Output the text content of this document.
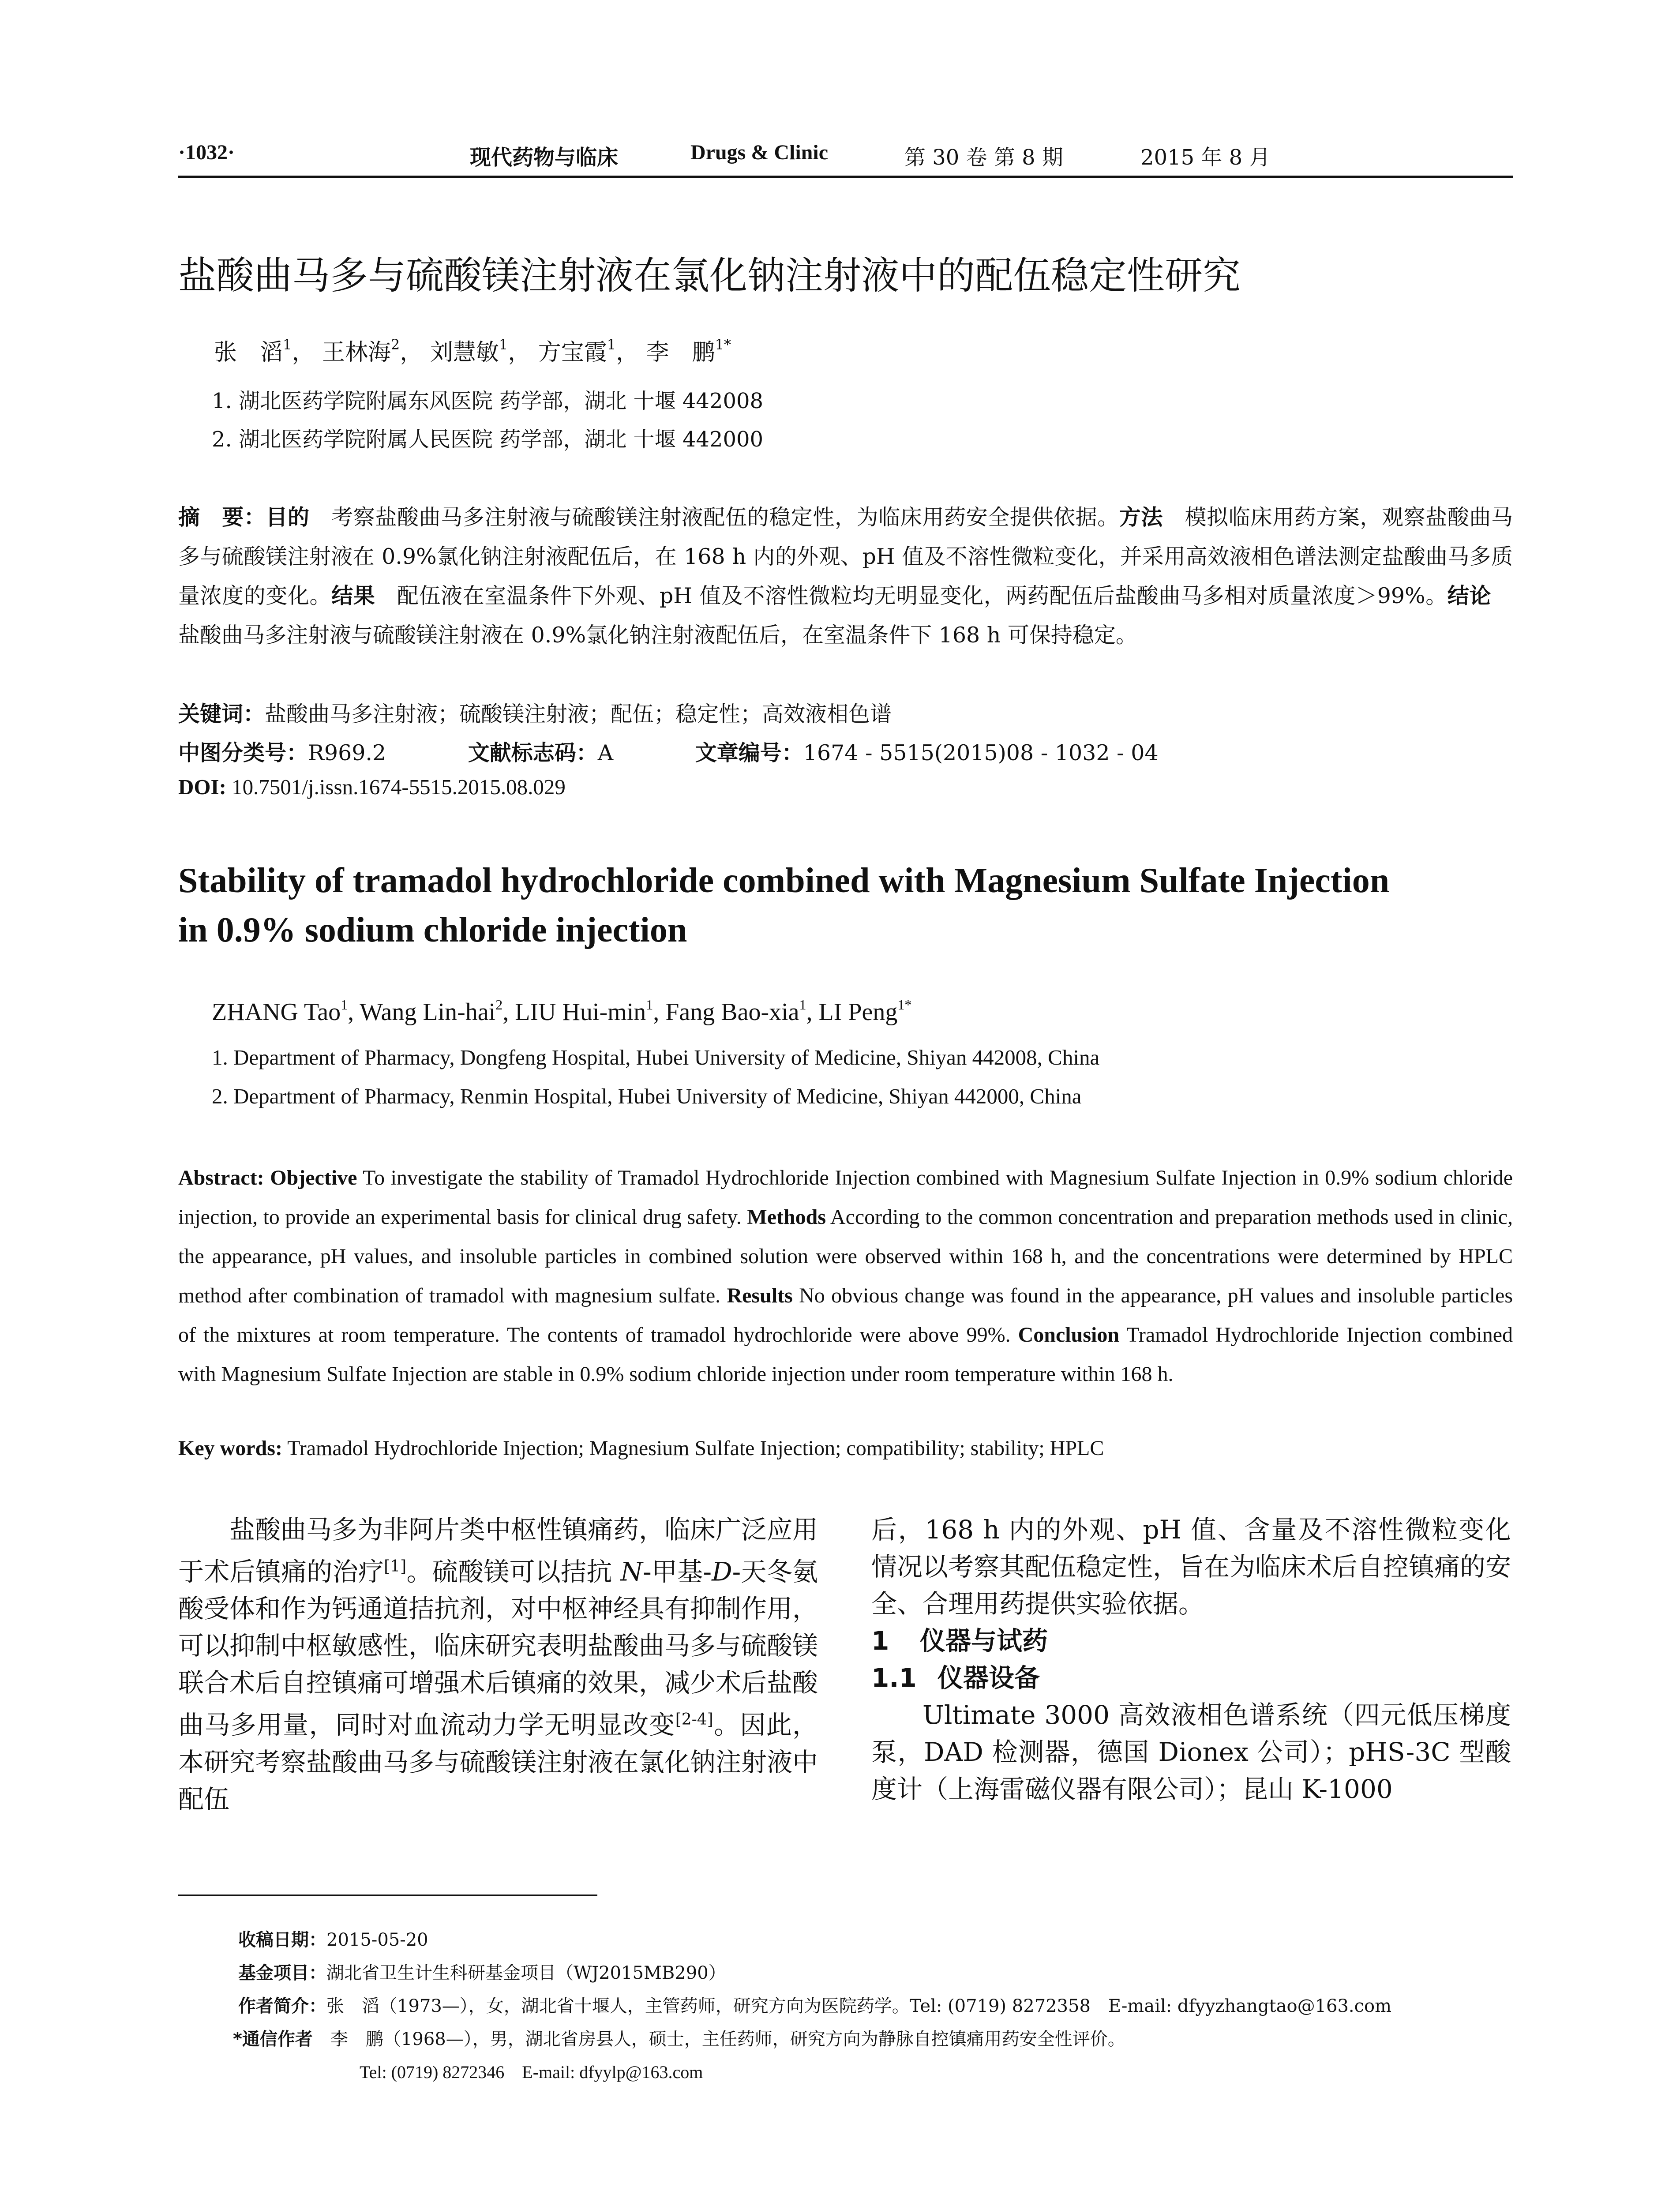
·1032·	现代药物与临床	Drugs & Clinic	第 30 卷 第 8 期	2015 年 8 月
盐酸曲马多与硫酸镁注射液在氯化钠注射液中的配伍稳定性研究
张　滔$^1$， 王林海$^2$， 刘慧敏$^1$， 方宝霞$^1$， 李　鹏$^{1*}$
1. 湖北医药学院附属东风医院 药学部，湖北 十堰 442008
2. 湖北医药学院附属人民医院 药学部，湖北 十堰 442000
摘　要：目的　考察盐酸曲马多注射液与硫酸镁注射液配伍的稳定性，为临床用药安全提供依据。方法　模拟临床用药方案，观察盐酸曲马多与硫酸镁注射液在 0.9%氯化钠注射液配伍后，在 168 h 内的外观、pH 值及不溶性微粒变化，并采用高效液相色谱法测定盐酸曲马多质量浓度的变化。结果　配伍液在室温条件下外观、pH 值及不溶性微粒均无明显变化，两药配伍后盐酸曲马多相对质量浓度＞99%。结论　盐酸曲马多注射液与硫酸镁注射液在 0.9%氯化钠注射液配伍后，在室温条件下 168 h 可保持稳定。
关键词：盐酸曲马多注射液；硫酸镁注射液；配伍；稳定性；高效液相色谱
中图分类号：R969.2	文献标志码：A	文章编号：1674 - 5515(2015)08 - 1032 - 04
DOI: 10.7501/j.issn.1674-5515.2015.08.029
Stability of tramadol hydrochloride combined with Magnesium Sulfate Injection
in 0.9% sodium chloride injection
ZHANG Tao$^1$, Wang Lin-hai$^2$, LIU Hui-$\min^1$, Fang Bao-xia$^1$, LI Peng$^{1*}$
1. Department of Pharmacy, Dongfeng Hospital, Hubei University of Medicine, Shiyan 442008, China
2. Department of Pharmacy, Renmin Hospital, Hubei University of Medicine, Shiyan 442000, China
Abstract: Objective To investigate the stability of Tramadol Hydrochloride Injection combined with Magnesium Sulfate Injection in 0.9% sodium chloride injection, to provide an experimental basis for clinical drug safety. Methods According to the common concentration and preparation methods used in clinic, the appearance, pH values, and insoluble particles in combined solution were observed within 168 h, and the concentrations were determined by HPLC method after combination of tramadol with magnesium sulfate. Results No obvious change was found in the appearance, pH values and insoluble particles of the mixtures at room temperature. The contents of tramadol hydrochloride were above 99%. Conclusion Tramadol Hydrochloride Injection combined with Magnesium Sulfate Injection are stable in 0.9% sodium chloride injection under room temperature within 168 h.
Key words: Tramadol Hydrochloride Injection; Magnesium Sulfate Injection; compatibility; stability; HPLC

盐酸曲马多为非阿片类中枢性镇痛药，临床广泛应用于术后镇痛的治疗[1]。硫酸镁可以拮抗 N-甲基-D-天冬氨酸受体和作为钙通道拮抗剂，对中枢神经具有抑制作用，可以抑制中枢敏感性，临床研究表明盐酸曲马多与硫酸镁联合术后自控镇痛可增强术后镇痛的效果，减少术后盐酸曲马多用量，同时对血流动力学无明显改变[2-4]。因此，本研究考察盐酸曲马多与硫酸镁注射液在氯化钠注射液中配伍

后，168 h 内的外观、pH 值、含量及不溶性微粒变化情况以考察其配伍稳定性，旨在为临床术后自控镇痛的安全、合理用药提供实验依据。

1 仪器与试药
1.1 仪器设备

Ultimate 3000 高效液相色谱系统（四元低压梯度泵，DAD 检测器，德国 Dionex 公司）；pHS-3C 型酸度计（上海雷磁仪器有限公司）；昆山 K-1000

收稿日期：2015-05-20
基金项目：湖北省卫生计生科研基金项目（WJ2015MB290）
作者简介：张　滔（1973—），女，湖北省十堰人，主管药师，研究方向为医院药学。Tel: (0719) 8272358　E-mail: dfyyzhangtao@163.com
*通信作者　李　鹏（1968—），男，湖北省房县人，硕士，主任药师，研究方向为静脉自控镇痛用药安全性评价。
Tel: (0719) 8272346　E-mail: dfyylp@163.com
